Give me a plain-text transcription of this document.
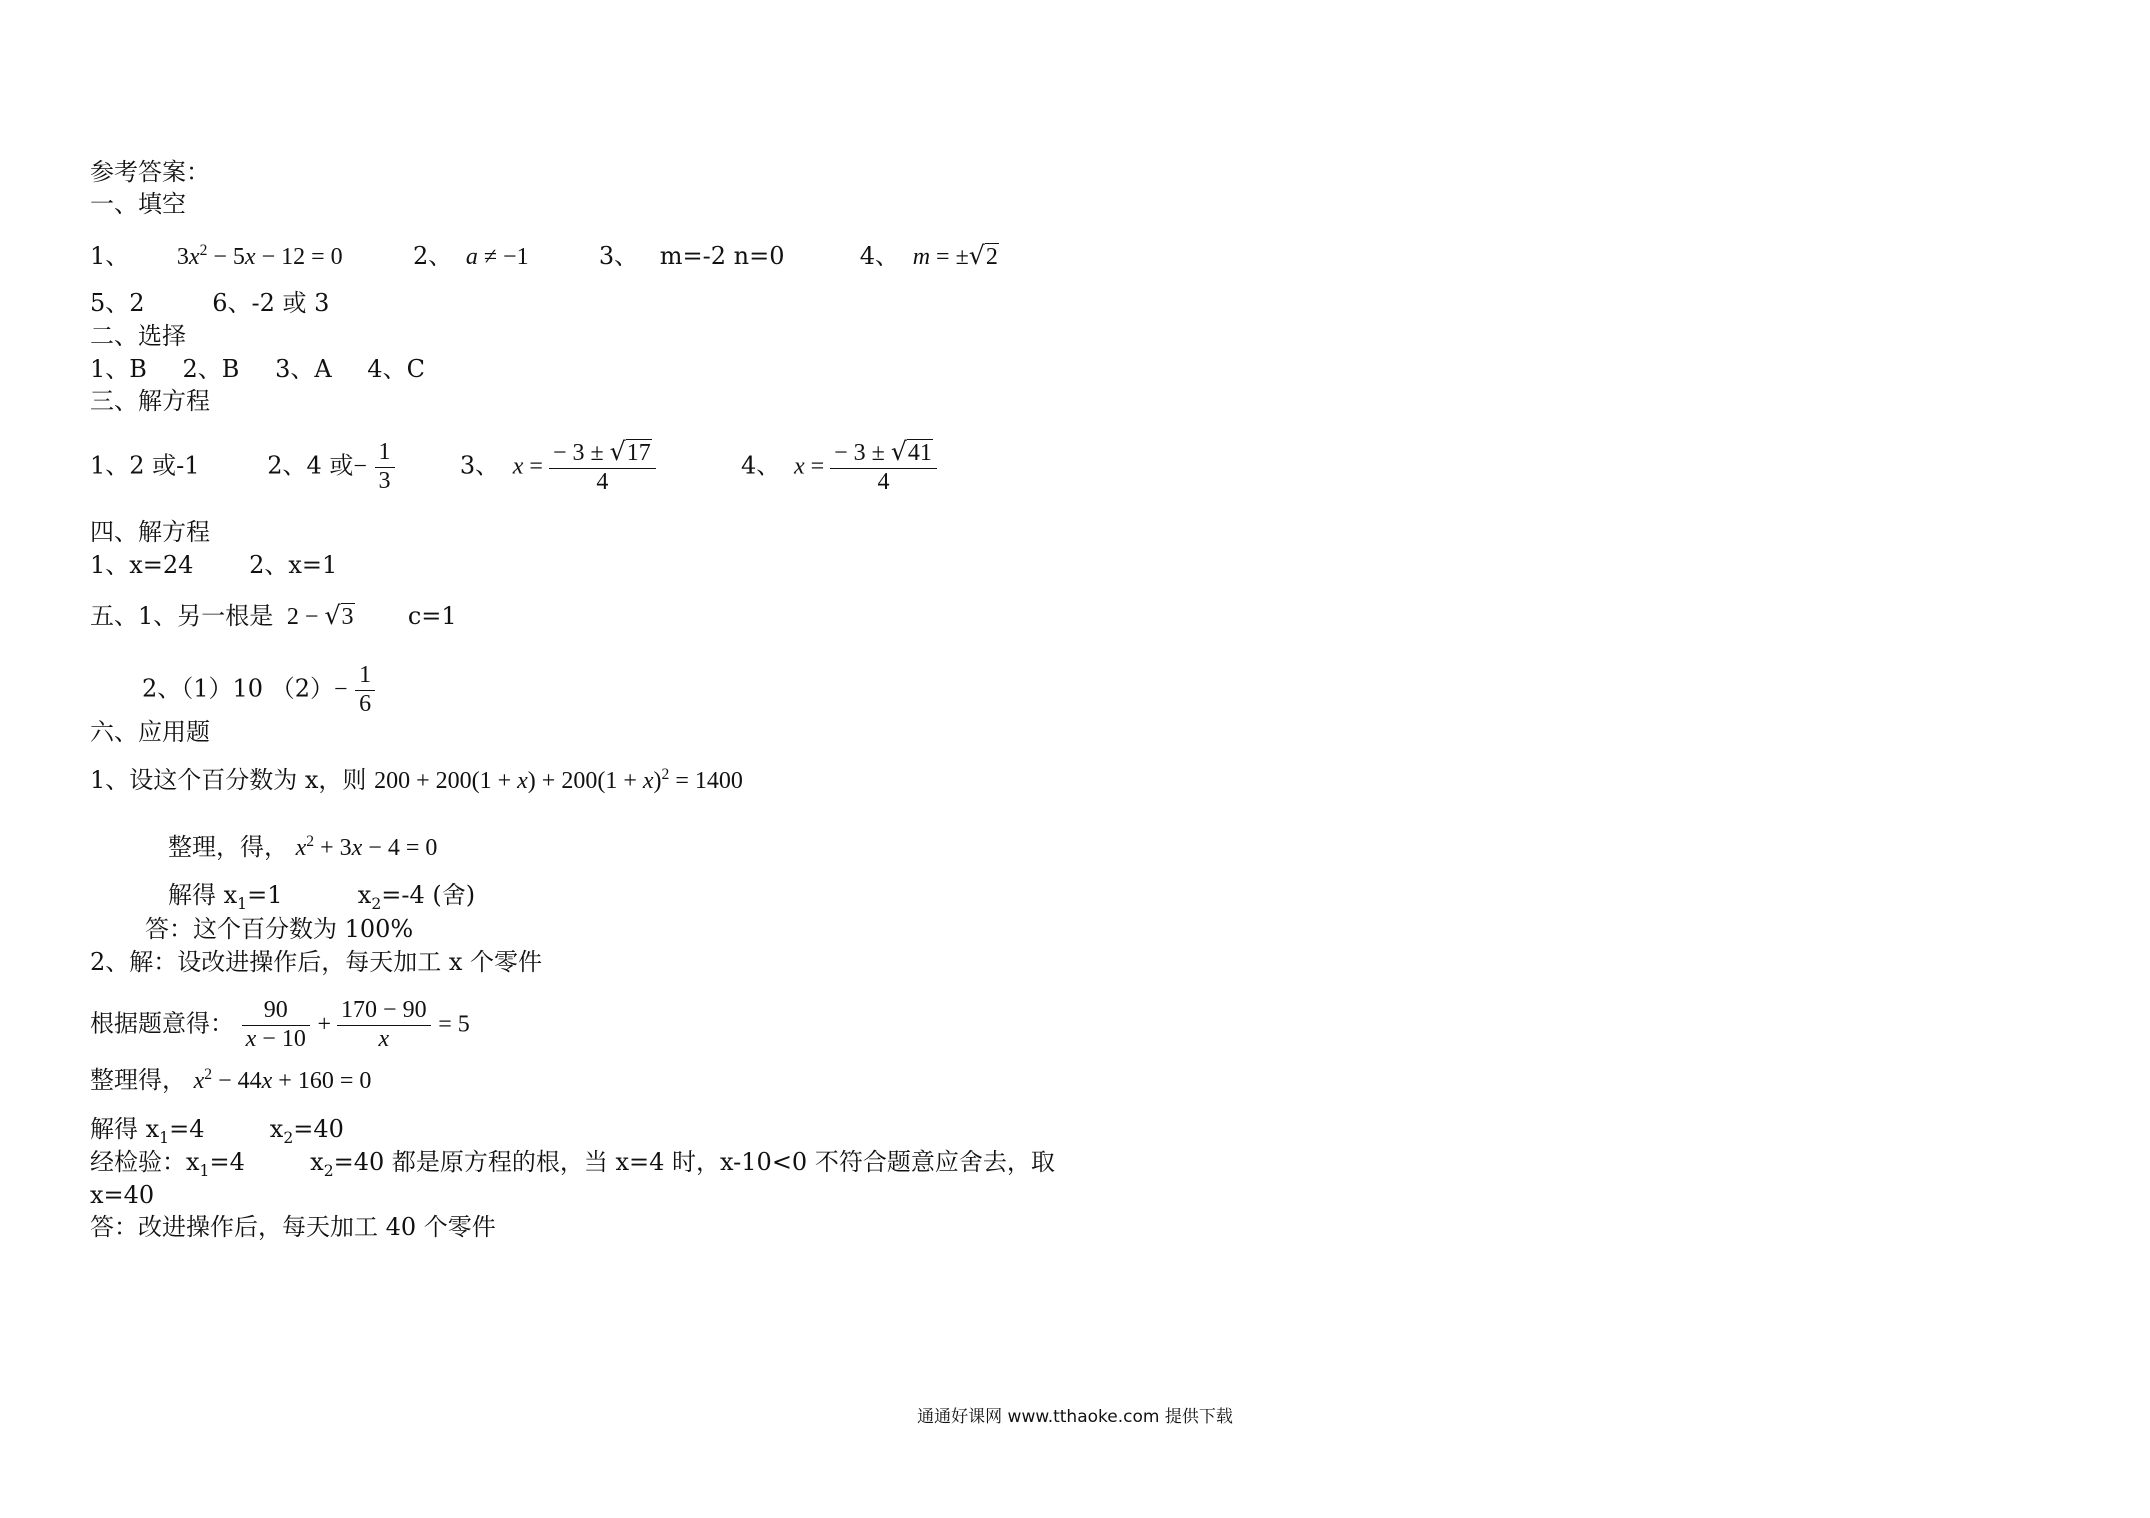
参考答案：
一、填空
1、 $3x^2 - 5x - 12 = 0$	2、 a ≠ −1	3、 m=-2 n=0	4、 m = ±√2
5、2	6、-2 或 3
二、选择
1、B 2、B 3、A 4、C
三、解方程
1、2 或-1	2、4 或− $\frac{1}{3}$	3、 $x = \frac{- 3 \pm √17}{4}$	4、 $x = \frac{- 3 \pm √41}{4}$
四、解方程
1、x=24 2、x=1
五、1、另一根是 2 − √3 c=1
2、（1）10 $(2)- \frac{1}{6}$
六、应用题
1、设这个百分数为 x，则 $200 + 200(1 + x) + 200(1 + x)^2 = 1400$
整理，得， $x^2 + 3x - 4 = 0$
解得 $x_1=1$	$x_2=-4$ (舍)
答：这个百分数为 100%
2、解：设改进操作后，每天加工 x 个零件
根据题意得： $\frac{90}{x - 10} + \frac{170 - 90}{x} = 5$
整理得， $x^2 - 44x + 160 = 0$
解得 $x_1=4$	$x_2=40$
经检验：$x_1=4$	$x_2=40$ 都是原方程的根，当 x=4 时，x-10<0 不符合题意应舍去，取
x=40
答：改进操作后，每天加工 40 个零件
通通好课网 www.tthaoke.com 提供下载
